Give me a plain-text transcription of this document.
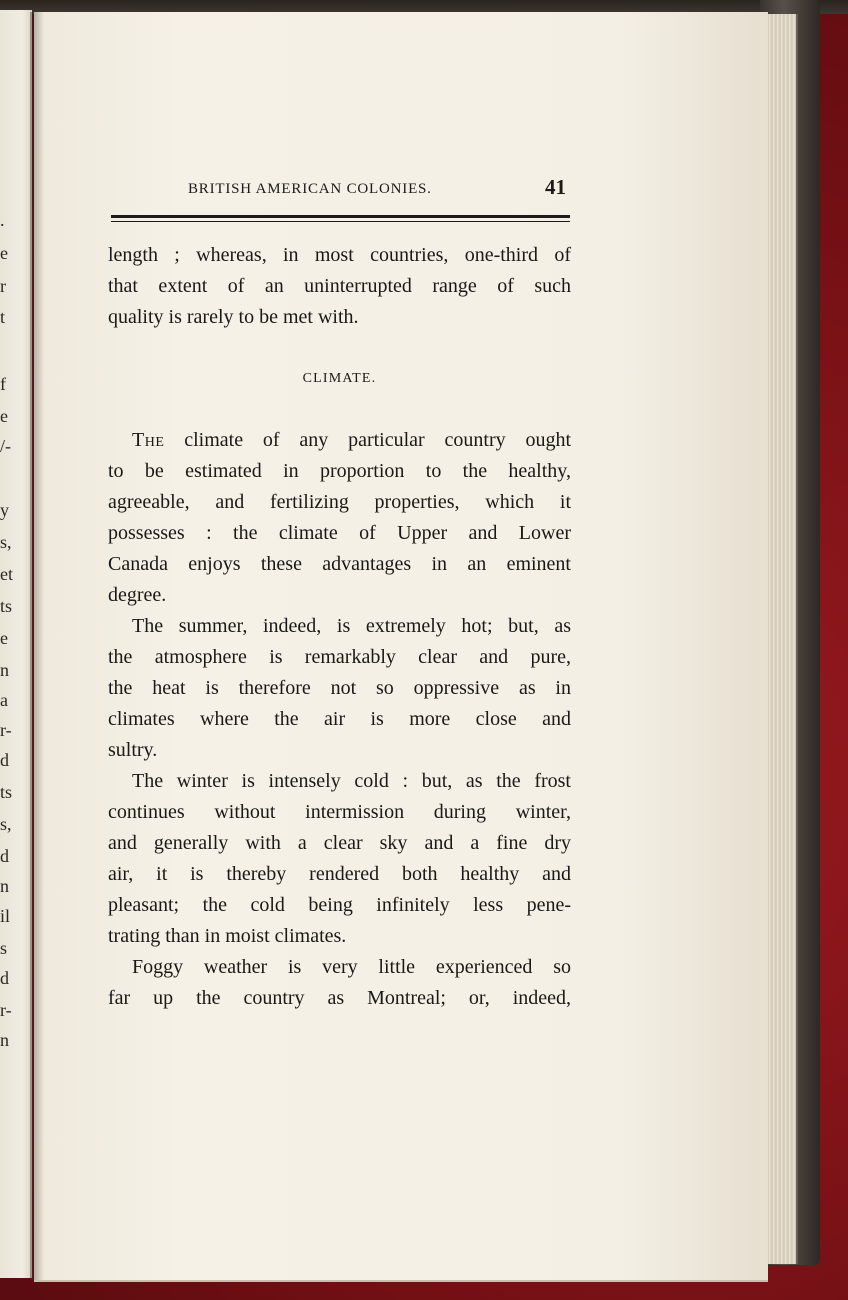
.
e
r
t
f
e
/-
y
s,
et
ts
e
n
a
r-
d
ts
s,
d
n
il
s
d
r-
n
BRITISH AMERICAN COLONIES.	41
length ; whereas, in most countries, one-third of
that extent of an uninterrupted range of such
quality is rarely to be met with.
CLIMATE.
The climate of any particular country ought
to be estimated in proportion to the healthy,
agreeable, and fertilizing properties, which it
possesses : the climate of Upper and Lower
Canada enjoys these advantages in an eminent
degree.
The summer, indeed, is extremely hot; but, as
the atmosphere is remarkably clear and pure,
the heat is therefore not so oppressive as in
climates where the air is more close and
sultry.
The winter is intensely cold : but, as the frost
continues without intermission during winter,
and generally with a clear sky and a fine dry
air, it is thereby rendered both healthy and
pleasant; the cold being infinitely less pene-
trating than in moist climates.
Foggy weather is very little experienced so
far up the country as Montreal; or, indeed,
